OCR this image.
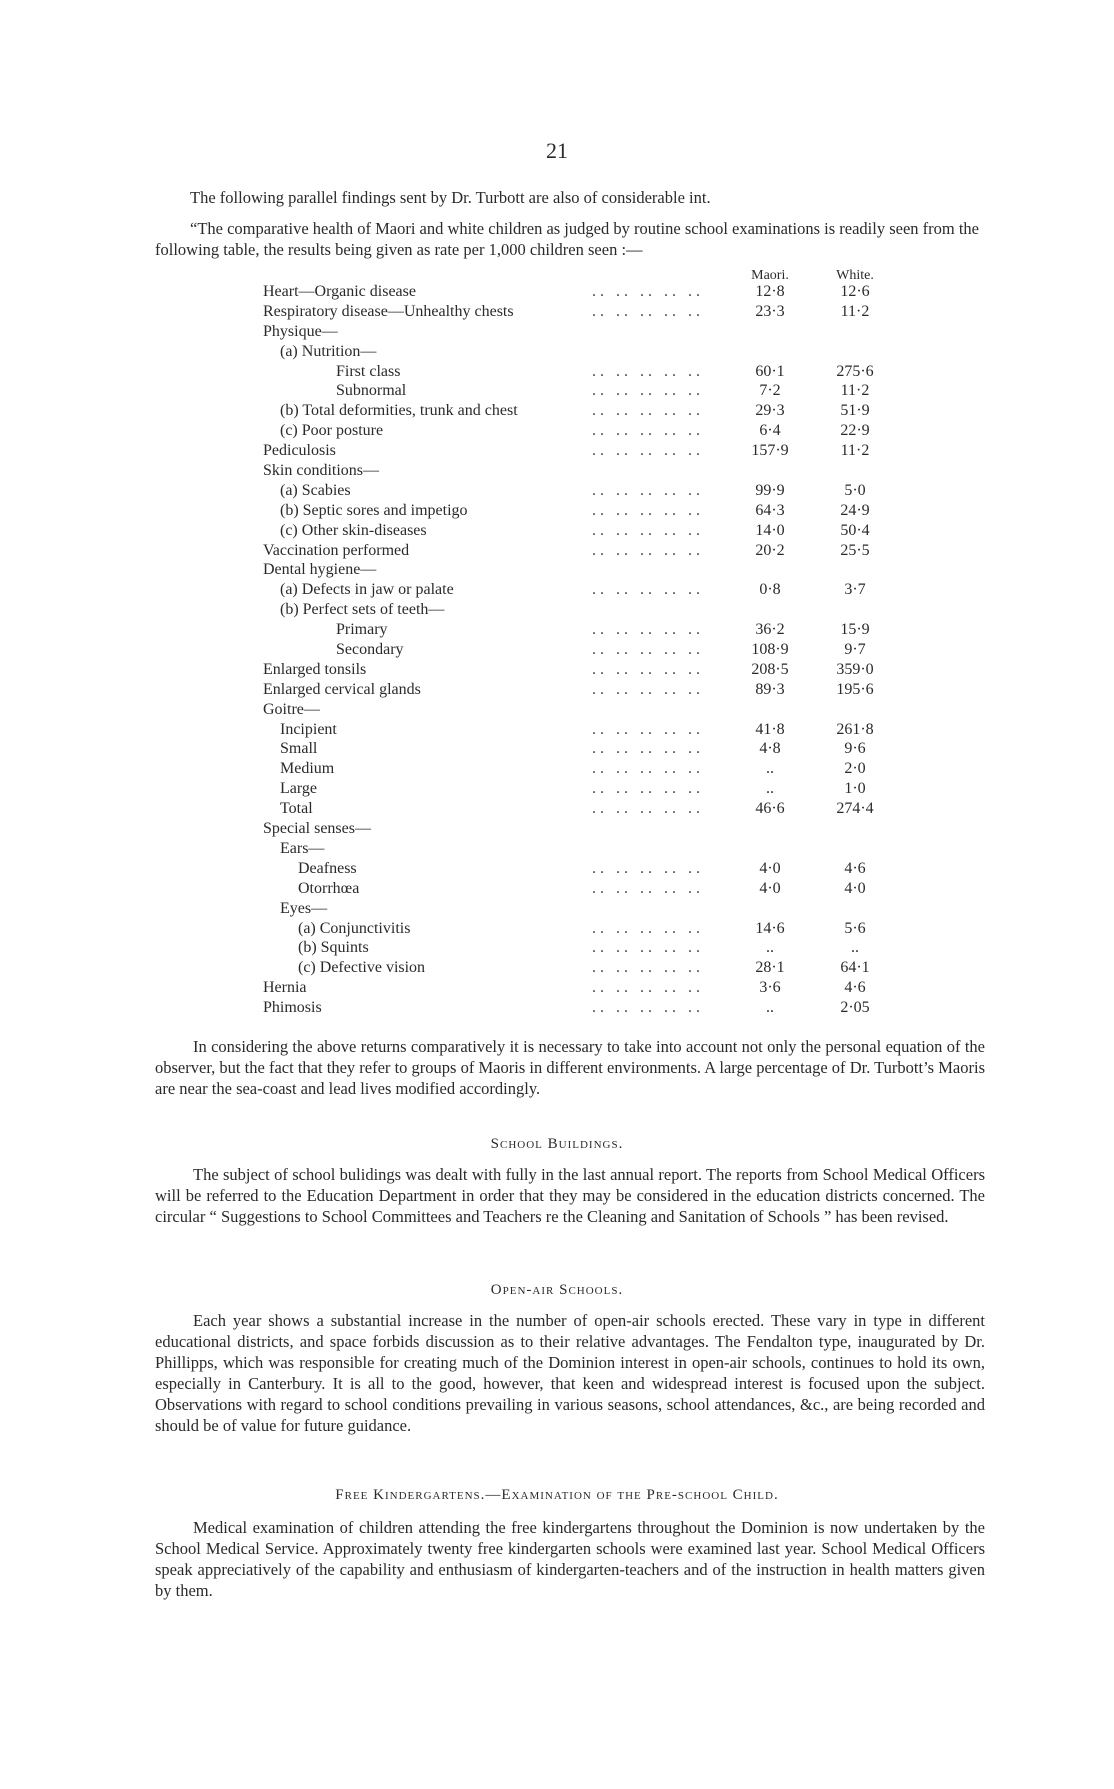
21
The following parallel findings sent by Dr. Turbott are also of considerable int.
“The comparative health of Maori and white children as judged by routine school examinations is readily seen from the following table, the results being given as rate per 1,000 children seen :—
Maori.	White.
Heart—Organic disease	. .   . .   . .   . .   . .	12·8	12·6
Respiratory disease—Unhealthy chests	. .   . .   . .   . .   . .	23·3	11·2
Physique—
(a) Nutrition—
First class	. .   . .   . .   . .   . .	60·1	275·6
Subnormal	. .   . .   . .   . .   . .	7·2	11·2
(b) Total deformities, trunk and chest	. .   . .   . .   . .   . .	29·3	51·9
(c) Poor posture	. .   . .   . .   . .   . .	6·4	22·9
Pediculosis	. .   . .   . .   . .   . .	157·9	11·2
Skin conditions—
(a) Scabies	. .   . .   . .   . .   . .	99·9	5·0
(b) Septic sores and impetigo	. .   . .   . .   . .   . .	64·3	24·9
(c) Other skin-diseases	. .   . .   . .   . .   . .	14·0	50·4
Vaccination performed	. .   . .   . .   . .   . .	20·2	25·5
Dental hygiene—
(a) Defects in jaw or palate	. .   . .   . .   . .   . .	0·8	3·7
(b) Perfect sets of teeth—
Primary	. .   . .   . .   . .   . .	36·2	15·9
Secondary	. .   . .   . .   . .   . .	108·9	9·7
Enlarged tonsils	. .   . .   . .   . .   . .	208·5	359·0
Enlarged cervical glands	. .   . .   . .   . .   . .	89·3	195·6
Goitre—
Incipient	. .   . .   . .   . .   . .	41·8	261·8
Small	. .   . .   . .   . .   . .	4·8	9·6
Medium	. .   . .   . .   . .   . .	..	2·0
Large	. .   . .   . .   . .   . .	..	1·0
Total	. .   . .   . .   . .   . .	46·6	274·4
Special senses—
Ears—
Deafness	. .   . .   . .   . .   . .	4·0	4·6
Otorrhœa	. .   . .   . .   . .   . .	4·0	4·0
Eyes—
(a) Conjunctivitis	. .   . .   . .   . .   . .	14·6	5·6
(b) Squints	. .   . .   . .   . .   . .	..	..
(c) Defective vision	. .   . .   . .   . .   . .	28·1	64·1
Hernia	. .   . .   . .   . .   . .	3·6	4·6
Phimosis	. .   . .   . .   . .   . .	..	2·05
In considering the above returns comparatively it is necessary to take into account not only the personal equation of the observer, but the fact that they refer to groups of Maoris in different environments. A large percentage of Dr. Turbott’s Maoris are near the sea-coast and lead lives modified accordingly.
School Buildings.
The subject of school bulidings was dealt with fully in the last annual report. The reports from School Medical Officers will be referred to the Education Department in order that they may be considered in the education districts concerned. The circular “ Suggestions to School Committees and Teachers re the Cleaning and Sanitation of Schools ” has been revised.
Open-air Schools.
Each year shows a substantial increase in the number of open-air schools erected. These vary in type in different educational districts, and space forbids discussion as to their relative advantages. The Fendalton type, inaugurated by Dr. Phillipps, which was responsible for creating much of the Dominion interest in open-air schools, continues to hold its own, especially in Canterbury. It is all to the good, however, that keen and widespread interest is focused upon the subject. Observations with regard to school conditions prevailing in various seasons, school attendances, &c., are being recorded and should be of value for future guidance.
Free Kindergartens.—Examination of the Pre-school Child.
Medical examination of children attending the free kindergartens throughout the Dominion is now undertaken by the School Medical Service. Approximately twenty free kindergarten schools were examined last year. School Medical Officers speak appreciatively of the capability and enthusiasm of kindergarten-teachers and of the instruction in health matters given by them.
